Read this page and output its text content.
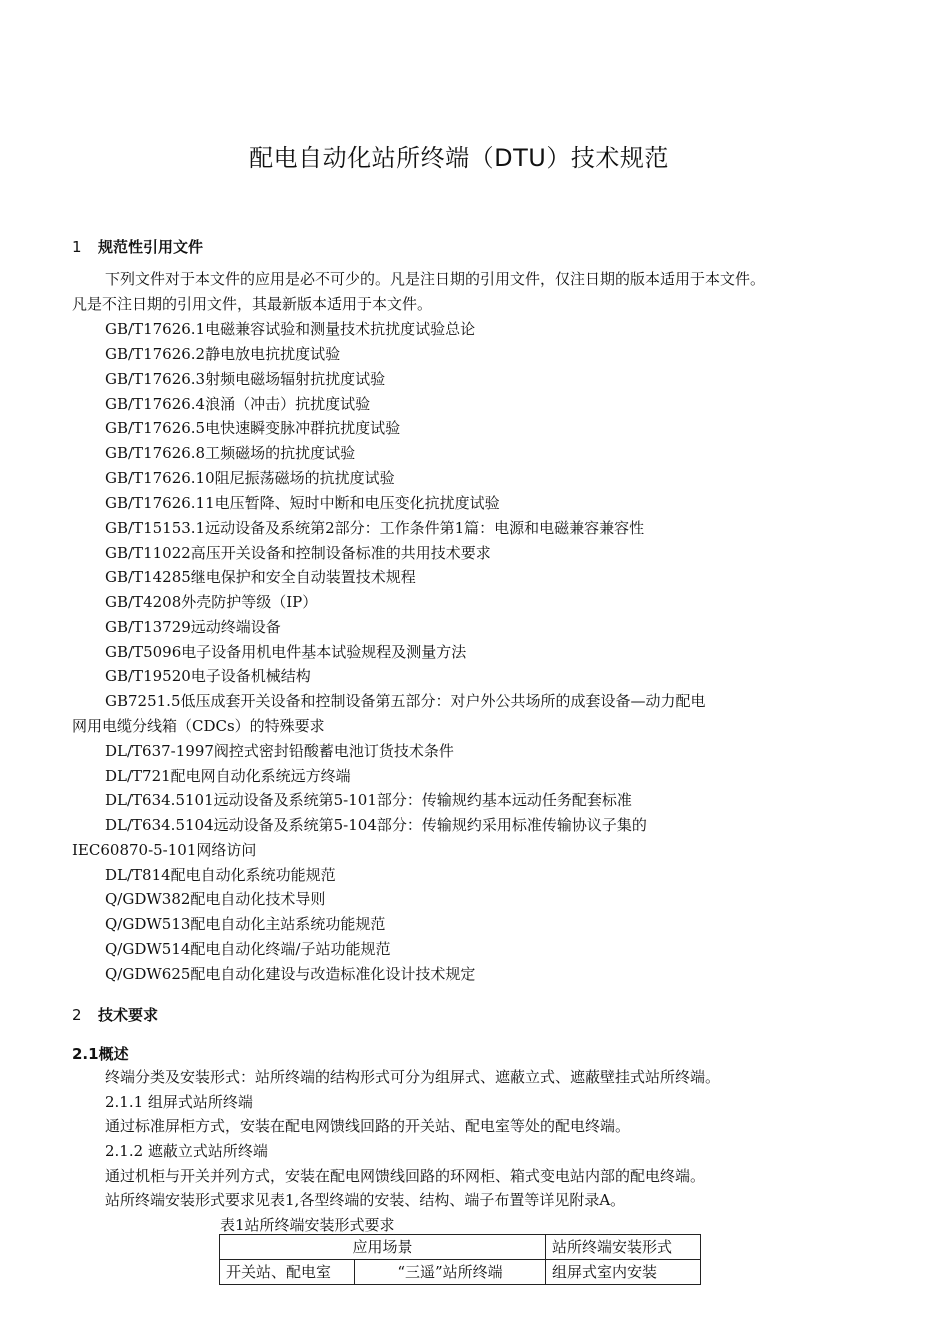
配电自动化站所终端（DTU）技术规范
1 规范性引用文件
下列文件对于本文件的应用是必不可少的。凡是注日期的引用文件，仅注日期的版本适用于本文件。
凡是不注日期的引用文件，其最新版本适用于本文件。
GB/T17626.1电磁兼容试验和测量技术抗扰度试验总论
GB/T17626.2静电放电抗扰度试验
GB/T17626.3射频电磁场辐射抗扰度试验
GB/T17626.4浪涌（冲击）抗扰度试验
GB/T17626.5电快速瞬变脉冲群抗扰度试验
GB/T17626.8工频磁场的抗扰度试验
GB/T17626.10阻尼振荡磁场的抗扰度试验
GB/T17626.11电压暂降、短时中断和电压变化抗扰度试验
GB/T15153.1远动设备及系统第2部分：工作条件第1篇：电源和电磁兼容兼容性
GB/T11022高压开关设备和控制设备标准的共用技术要求
GB/T14285继电保护和安全自动装置技术规程
GB/T4208外壳防护等级（IP）
GB/T13729远动终端设备
GB/T5096电子设备用机电件基本试验规程及测量方法
GB/T19520电子设备机械结构
GB7251.5低压成套开关设备和控制设备第五部分：对户外公共场所的成套设备—动力配电
网用电缆分线箱（CDCs）的特殊要求
DL/T637-1997阀控式密封铅酸蓄电池订货技术条件
DL/T721配电网自动化系统远方终端
DL/T634.5101远动设备及系统第5-101部分：传输规约基本远动任务配套标准
DL/T634.5104远动设备及系统第5-104部分：传输规约采用标准传输协议子集的
IEC60870-5-101网络访问
DL/T814配电自动化系统功能规范
Q/GDW382配电自动化技术导则
Q/GDW513配电自动化主站系统功能规范
Q/GDW514配电自动化终端/子站功能规范
Q/GDW625配电自动化建设与改造标准化设计技术规定
2 技术要求
2.1概述
终端分类及安装形式：站所终端的结构形式可分为组屏式、遮蔽立式、遮蔽壁挂式站所终端。
2.1.1 组屏式站所终端
通过标准屏柜方式，安装在配电网馈线回路的开关站、配电室等处的配电终端。
2.1.2 遮蔽立式站所终端
通过机柜与开关并列方式，安装在配电网馈线回路的环网柜、箱式变电站内部的配电终端。
站所终端安装形式要求见表1,各型终端的安装、结构、端子布置等详见附录A。
表1站所终端安装形式要求
应用场景		站所终端安装形式
开关站、配电室	“三遥”站所终端	组屏式室内安装
